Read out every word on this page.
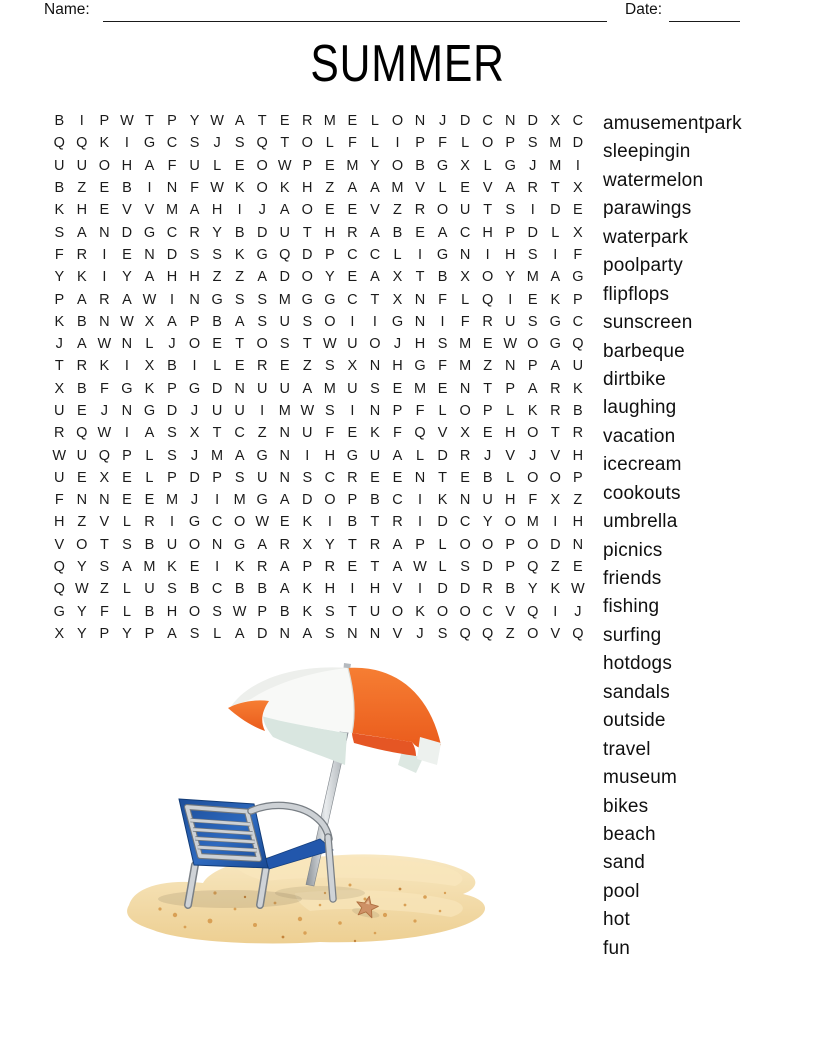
Name:	Date:
SUMMER
B	I	P W T P Y W A T E R M E L O N J D C N D X C
Q Q K	I	G C S J S Q T O L F L	I	P F L O P S M D
U U O H A F U L E O W P E M Y O B G X L G J M I
B Z E B	I	N F W K O K H Z A A M V L E V A R T X
K H E V V M A H	I	J A O E E V Z R O U T S	I	D E
S A N D G C R Y B D U T H R A B E A C H P D L X
F R	I	E N D S S K G Q D P C C L	I	G N	I	H S	I	F
Y K	I	Y A H H Z Z A D O Y E A X T B X O Y M A G
P A R A W I	N G S S M G G C T X N F L Q	I	E K P
K B N W X A P B A S U S O	I	I	G N	I	F R U S G C
J A W N L	J O E T O S T W U O J H S M E W O G Q
T R K	I	X B	I	L E R E Z S X N H G F M Z N P A U
X B F G K P G D N U U A M U S E M E N T P A R K
U E J N G D J U U	I M W S	I	N P F L O P L K R B
R Q W I	A S X T C Z N U F E K F Q V X E H O T R
W U Q P L S J M A G N	I	H G U A L D R J V J V H
U E X E L P D P S U N S C R E E N T E B L O O P
F N N E E M J	I M G A D O P B C	I	K N U H F X Z
H Z V L R	I	G C O W E K	I	B T R	I	D C Y O M I	H
V O T S B U O N G A R X Y T R A P L O O P O D N
Q Y S A M K E	I	K R A P R E T A W L S D P Q Z E
Q W Z L U S B C B B A K H	I	H V	I	D D R B Y K W
G Y F L B H O S W P B K S T U O K O O C V Q	I	J
X Y P Y P A S L A D N A S N N V J S Q Q Z O V Q
amusementpark
sleepingin
watermelon
parawings
waterpark
poolparty
flipflops
sunscreen
barbeque
dirtbike
laughing
vacation
icecream
cookouts
umbrella
picnics
friends
fishing
surfing
hotdogs
sandals
outside
travel
museum
bikes
beach
sand
pool
hot
fun
